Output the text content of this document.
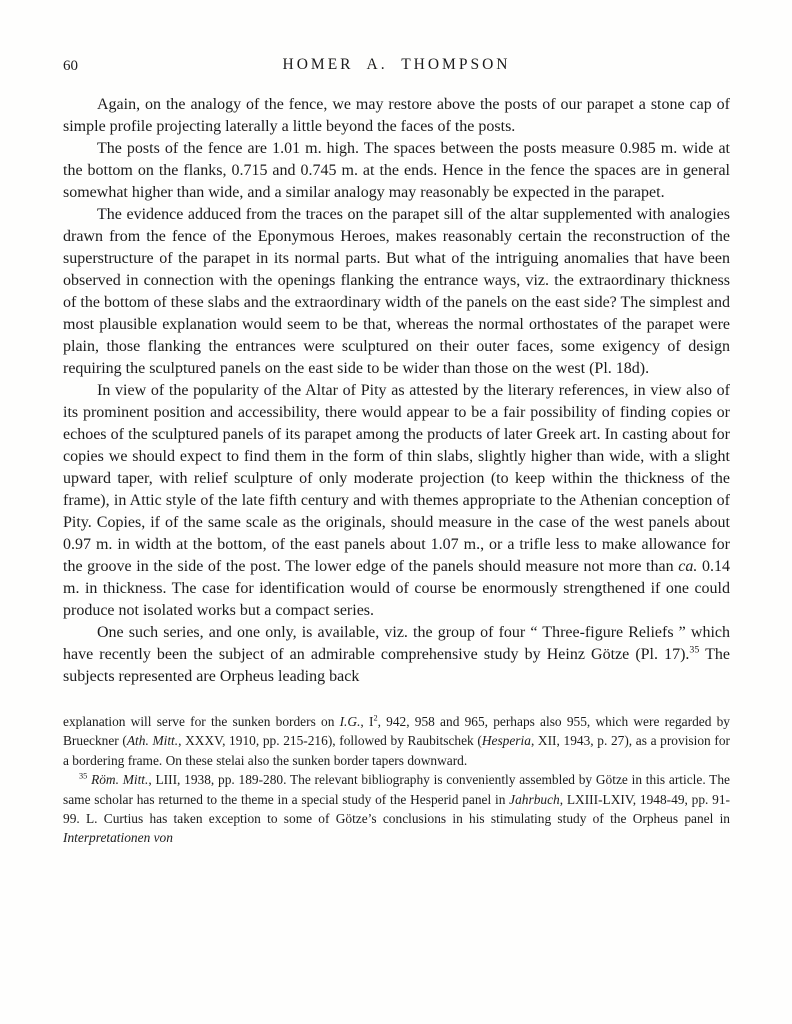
60	HOMER A. THOMPSON

Again, on the analogy of the fence, we may restore above the posts of our parapet a stone cap of simple profile projecting laterally a little beyond the faces of the posts.

The posts of the fence are 1.01 m. high. The spaces between the posts measure 0.985 m. wide at the bottom on the flanks, 0.715 and 0.745 m. at the ends. Hence in the fence the spaces are in general somewhat higher than wide, and a similar analogy may reasonably be expected in the parapet.

The evidence adduced from the traces on the parapet sill of the altar supplemented with analogies drawn from the fence of the Eponymous Heroes, makes reasonably certain the reconstruction of the superstructure of the parapet in its normal parts. But what of the intriguing anomalies that have been observed in connection with the openings flanking the entrance ways, viz. the extraordinary thickness of the bottom of these slabs and the extraordinary width of the panels on the east side? The simplest and most plausible explanation would seem to be that, whereas the normal orthostates of the parapet were plain, those flanking the entrances were sculptured on their outer faces, some exigency of design requiring the sculptured panels on the east side to be wider than those on the west (Pl. 18d).

In view of the popularity of the Altar of Pity as attested by the literary references, in view also of its prominent position and accessibility, there would appear to be a fair possibility of finding copies or echoes of the sculptured panels of its parapet among the products of later Greek art. In casting about for copies we should expect to find them in the form of thin slabs, slightly higher than wide, with a slight upward taper, with relief sculpture of only moderate projection (to keep within the thickness of the frame), in Attic style of the late fifth century and with themes appropriate to the Athenian conception of Pity. Copies, if of the same scale as the originals, should measure in the case of the west panels about 0.97 m. in width at the bottom, of the east panels about 1.07 m., or a trifle less to make allowance for the groove in the side of the post. The lower edge of the panels should measure not more than ca. 0.14 m. in thickness. The case for identification would of course be enormously strengthened if one could produce not isolated works but a compact series.

One such series, and one only, is available, viz. the group of four “ Three-figure Reliefs ” which have recently been the subject of an admirable comprehensive study by Heinz Götze (Pl. 17).$^{35}$ The subjects represented are Orpheus leading back

explanation will serve for the sunken borders on I.G., $I^2$, 942, 958 and 965, perhaps also 955, which were regarded by Brueckner (Ath. Mitt., XXXV, 1910, pp. 215-216), followed by Raubitschek (Hesperia, XII, 1943, p. 27), as a provision for a bordering frame. On these stelai also the sunken border tapers downward.

$^{35}$ Röm. Mitt., LIII, 1938, pp. 189-280. The relevant bibliography is conveniently assembled by Götze in this article. The same scholar has returned to the theme in a special study of the Hesperid panel in Jahrbuch, LXIII-LXIV, 1948-49, pp. 91-99. L. Curtius has taken exception to some of Götze’s conclusions in his stimulating study of the Orpheus panel in Interpretationen von
